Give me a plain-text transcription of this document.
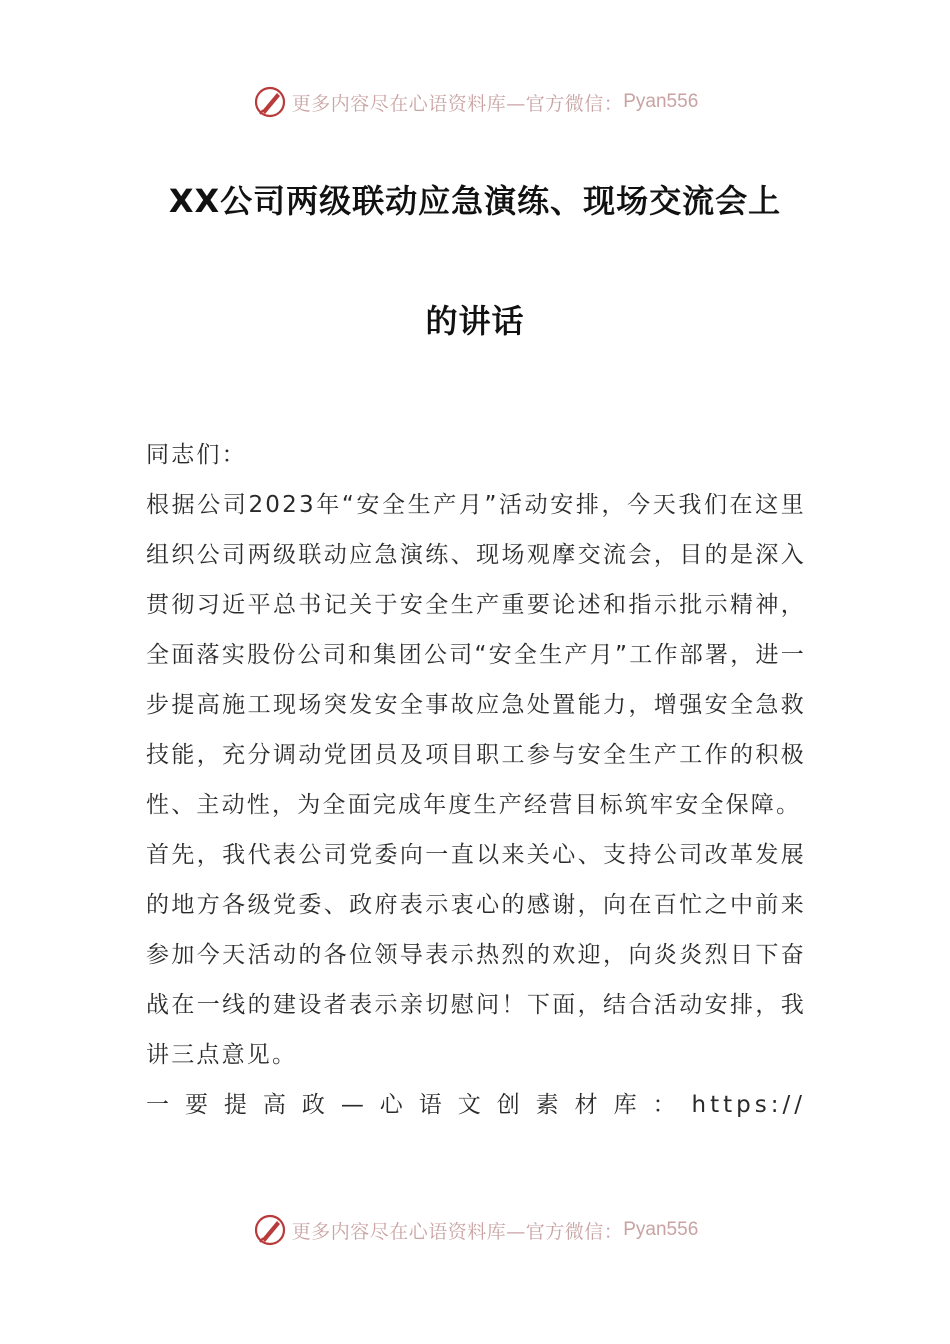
更多内容尽在心语资料库—官方微信： Pyan556
XX公司两级联动应急演练、现场交流会上
的讲话

同志们：

根据公司2023年“安全生产月”活动安排，今天我们在这里组织公司两级联动应急演练、现场观摩交流会，目的是深入贯彻习近平总书记关于安全生产重要论述和指示批示精神，全面落实股份公司和集团公司“安全生产月”工作部署，进一步提高施工现场突发安全事故应急处置能力，增强安全急救技能，充分调动党团员及项目职工参与安全生产工作的积极性、主动性，为全面完成年度生产经营目标筑牢安全保障。

首先，我代表公司党委向一直以来关心、支持公司改革发展的地方各级党委、政府表示衷心的感谢，向在百忙之中前来参加今天活动的各位领导表示热烈的欢迎，向炎炎烈日下奋战在一线的建设者表示亲切慰问！下面，结合活动安排，我讲三点意见。

一要提高政—心语文创素材库：https://

更多内容尽在心语资料库—官方微信： Pyan556
